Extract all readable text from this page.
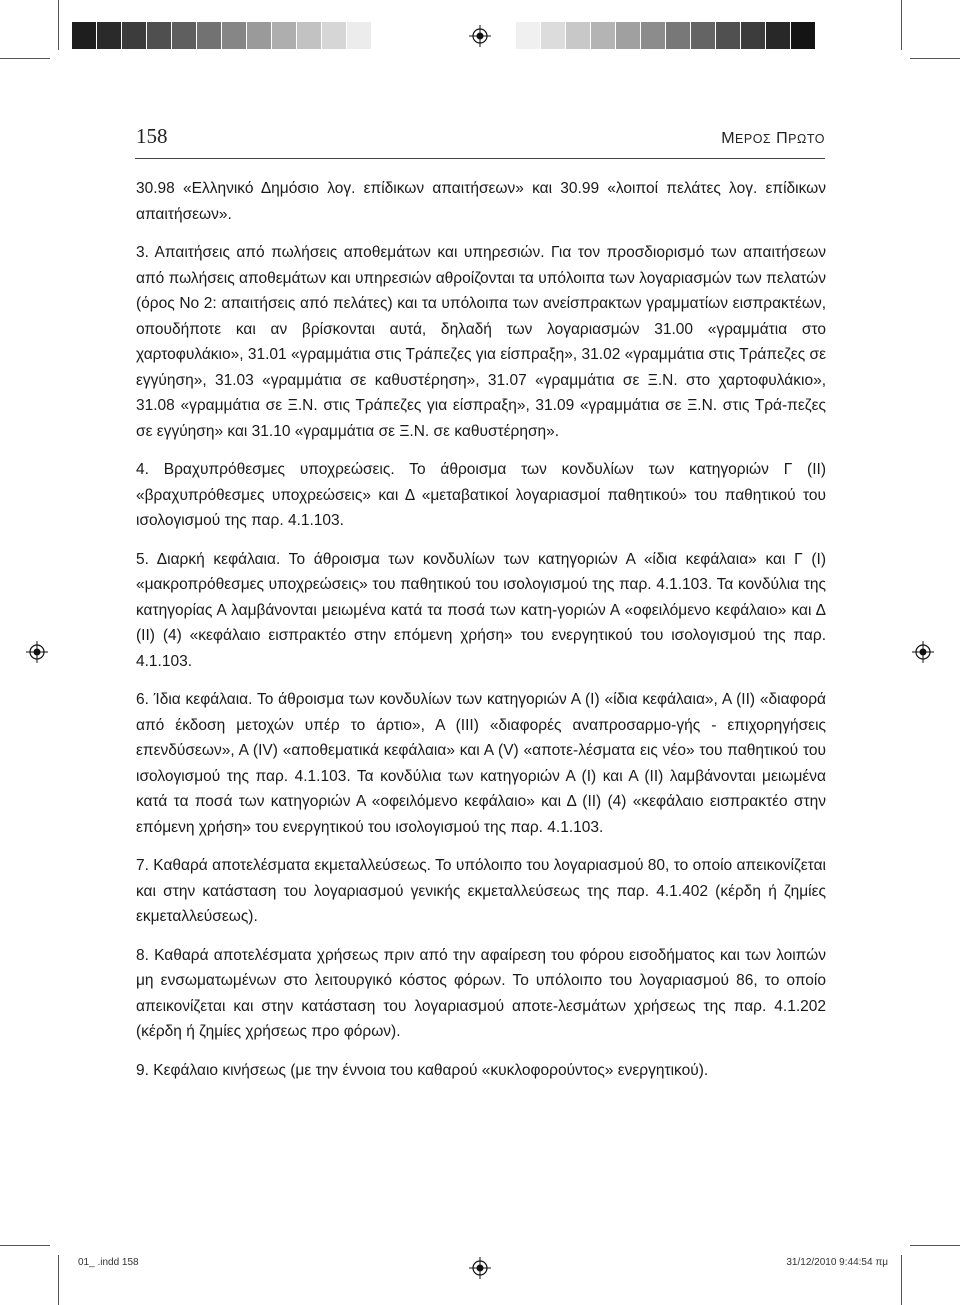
158	ΜΕΡΟΣ ΠΡΩΤΟ

30.98 «Ελληνικό Δημόσιο λογ. επίδικων απαιτήσεων» και 30.99 «λοιποί πελάτες λογ. επίδικων απαιτήσεων».

3. Απαιτήσεις από πωλήσεις αποθεμάτων και υπηρεσιών. Για τον προσδιορισμό των απαιτήσεων από πωλήσεις αποθεμάτων και υπηρεσιών αθροίζονται τα υπόλοιπα των λογαριασμών των πελατών (όρος Νο 2: απαιτήσεις από πελάτες) και τα υπόλοιπα των ανείσπρακτων γραμματίων εισπρακτέων, οπουδήποτε και αν βρίσκονται αυτά, δηλαδή των λογαριασμών 31.00 «γραμμάτια στο χαρτοφυλάκιο», 31.01 «γραμμάτια στις Τράπεζες για είσπραξη», 31.02 «γραμμάτια στις Τράπεζες σε εγγύηση», 31.03 «γραμμάτια σε καθυστέρηση», 31.07 «γραμμάτια σε Ξ.Ν. στο χαρτοφυλάκιο», 31.08 «γραμμάτια σε Ξ.Ν. στις Τράπεζες για είσπραξη», 31.09 «γραμμάτια σε Ξ.Ν. στις Τρά-πεζες σε εγγύηση» και 31.10 «γραμμάτια σε Ξ.Ν. σε καθυστέρηση».

4. Βραχυπρόθεσμες υποχρεώσεις. Το άθροισμα των κονδυλίων των κατηγοριών Γ (ΙΙ) «βραχυπρόθεσμες υποχρεώσεις» και Δ «μεταβατικοί λογαριασμοί παθητικού» του παθητικού του ισολογισμού της παρ. 4.1.103.

5. Διαρκή κεφάλαια. Το άθροισμα των κονδυλίων των κατηγοριών Α «ίδια κεφάλαια» και Γ (Ι) «μακροπρόθεσμες υποχρεώσεις» του παθητικού του ισολογισμού της παρ. 4.1.103. Τα κονδύλια της κατηγορίας Α λαμβάνονται μειωμένα κατά τα ποσά των κατη-γοριών Α «οφειλόμενο κεφάλαιο» και Δ (ΙΙ) (4) «κεφάλαιο εισπρακτέο στην επόμενη χρήση» του ενεργητικού του ισολογισμού της παρ. 4.1.103.

6. Ίδια κεφάλαια. Το άθροισμα των κονδυλίων των κατηγοριών Α (Ι) «ίδια κεφάλαια», Α (ΙΙ) «διαφορά από έκδοση μετοχών υπέρ το άρτιο», Α (ΙΙΙ) «διαφορές αναπροσαρμο-γής - επιχορηγήσεις επενδύσεων», Α (ΙV) «αποθεματικά κεφάλαια» και Α (V) «αποτε-λέσματα εις νέο» του παθητικού του ισολογισμού της παρ. 4.1.103. Τα κονδύλια των κατηγοριών Α (Ι) και Α (ΙΙ) λαμβάνονται μειωμένα κατά τα ποσά των κατηγοριών Α «οφειλόμενο κεφάλαιο» και Δ (ΙΙ) (4) «κεφάλαιο εισπρακτέο στην επόμενη χρήση» του ενεργητικού του ισολογισμού της παρ. 4.1.103.

7. Καθαρά αποτελέσματα εκμεταλλεύσεως. Το υπόλοιπο του λογαριασμού 80, το οποίο απεικονίζεται και στην κατάσταση του λογαριασμού γενικής εκμεταλλεύσεως της παρ. 4.1.402 (κέρδη ή ζημίες εκμεταλλεύσεως).

8. Καθαρά αποτελέσματα χρήσεως πριν από την αφαίρεση του φόρου εισοδήματος και των λοιπών μη ενσωματωμένων στο λειτουργικό κόστος φόρων. Το υπόλοιπο του λογαριασμού 86, το οποίο απεικονίζεται και στην κατάσταση του λογαριασμού αποτε-λεσμάτων χρήσεως της παρ. 4.1.202 (κέρδη ή ζημίες χρήσεως προ φόρων).

9. Κεφάλαιο κινήσεως (με την έννοια του καθαρού «κυκλοφορούντος» ενεργητικού).

01_ .indd 158	31/12/2010 9:44:54 πμ
